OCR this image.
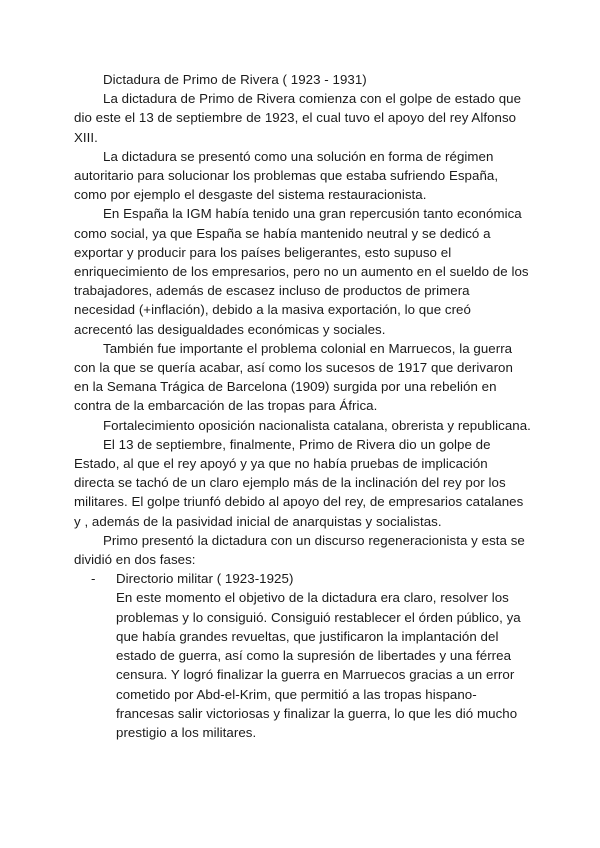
Dictadura de Primo de Rivera ( 1923 - 1931)

La dictadura de Primo de Rivera comienza con el golpe de estado que dio este el 13 de septiembre de 1923, el cual tuvo el apoyo del rey Alfonso XIII.

La dictadura se presentó como una solución en forma de régimen autoritario para solucionar los problemas que estaba sufriendo España, como por ejemplo el desgaste del sistema restauracionista.

En España la IGM había tenido una gran repercusión tanto económica como social, ya que España se había mantenido neutral y se dedicó a exportar y producir para los países beligerantes, esto supuso el enriquecimiento de los empresarios, pero no un aumento en el sueldo de los trabajadores, además de escasez incluso de productos de primera necesidad (+inflación), debido a la masiva exportación, lo que creó acrecentó las desigualdades económicas y sociales.

También fue importante el problema colonial en Marruecos, la guerra con la que se quería acabar, así como los sucesos de 1917 que derivaron en la Semana Trágica de Barcelona (1909) surgida por una rebelión en contra de la embarcación de las tropas para África.

Fortalecimiento oposición nacionalista catalana, obrerista y republicana.

El 13 de septiembre, finalmente, Primo de Rivera dio un golpe de Estado, al que el rey apoyó y ya que no había pruebas de implicación directa se tachó de un claro ejemplo más de la inclinación del rey por los militares. El golpe triunfó debido al apoyo del rey, de empresarios catalanes y , además de la pasividad inicial de anarquistas y socialistas.

Primo presentó la dictadura con un discurso regeneracionista y esta se dividió en dos fases:

- Directorio militar ( 1923-1925)
En este momento el objetivo de la dictadura era claro, resolver los problemas y lo consiguió. Consiguió restablecer el órden público, ya que había grandes revueltas, que justificaron la implantación del estado de guerra, así como la supresión de libertades y una férrea censura. Y logró finalizar la guerra en Marruecos gracias a un error cometido por Abd-el-Krim, que permitió a las tropas hispano-francesas salir victoriosas y finalizar la guerra, lo que les dió mucho prestigio a los militares.
